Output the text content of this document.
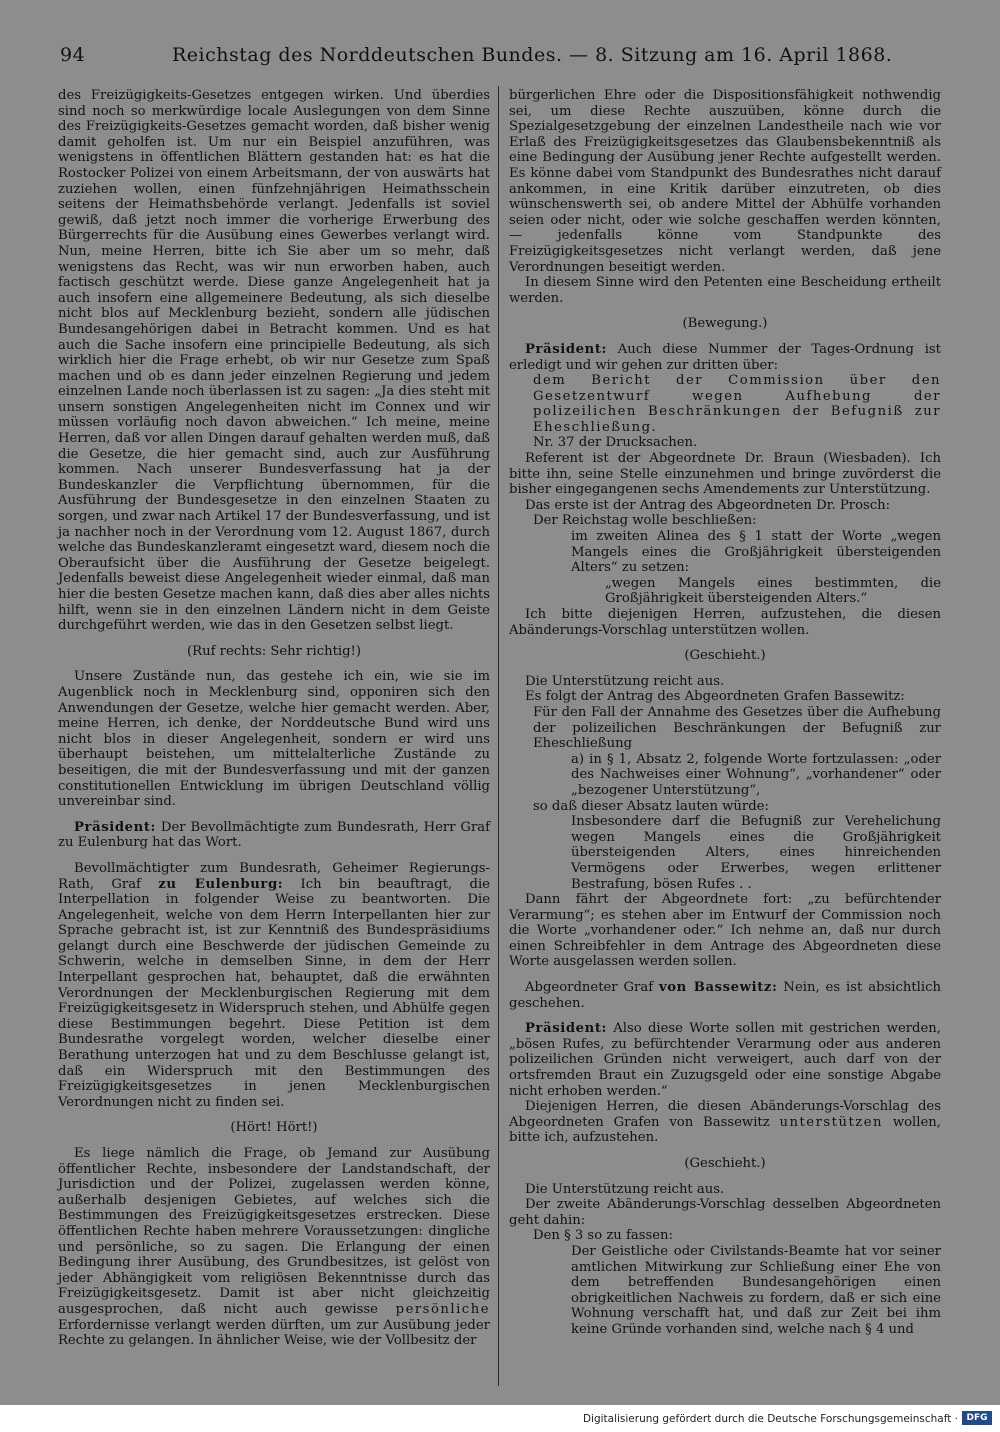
94	Reichstag des Norddeutschen Bundes. — 8. Sitzung am 16. April 1868.

des Freizügigkeits-Gesetzes entgegen wirken. Und überdies sind noch so merkwürdige locale Auslegungen von dem Sinne des Freizügigkeits-Gesetzes gemacht worden, daß bisher wenig damit geholfen ist. Um nur ein Beispiel anzuführen, was wenigstens in öffentlichen Blättern gestanden hat: es hat die Rostocker Polizei von einem Arbeitsmann, der von auswärts hat zuziehen wollen, einen fünfzehnjährigen Heimathsschein seitens der Heimathsbehörde verlangt. Jedenfalls ist soviel gewiß, daß jetzt noch immer die vorherige Erwerbung des Bürgerrechts für die Ausübung eines Gewerbes verlangt wird. Nun, meine Herren, bitte ich Sie aber um so mehr, daß wenigstens das Recht, was wir nun erworben haben, auch factisch geschützt werde. Diese ganze Angelegenheit hat ja auch insofern eine allgemeinere Bedeutung, als sich dieselbe nicht blos auf Mecklenburg bezieht, sondern alle jüdischen Bundesangehörigen dabei in Betracht kommen. Und es hat auch die Sache insofern eine principielle Bedeutung, als sich wirklich hier die Frage erhebt, ob wir nur Gesetze zum Spaß machen und ob es dann jeder einzelnen Regierung und jedem einzelnen Lande noch überlassen ist zu sagen: „Ja dies steht mit unsern sonstigen Angelegenheiten nicht im Connex und wir müssen vorläufig noch davon abweichen.“ Ich meine, meine Herren, daß vor allen Dingen darauf gehalten werden muß, daß die Gesetze, die hier gemacht sind, auch zur Ausführung kommen. Nach unserer Bundesverfassung hat ja der Bundeskanzler die Verpflichtung übernommen, für die Ausführung der Bundesgesetze in den einzelnen Staaten zu sorgen, und zwar nach Artikel 17 der Bundesverfassung, und ist ja nachher noch in der Verordnung vom 12. August 1867, durch welche das Bundeskanzleramt eingesetzt ward, diesem noch die Oberaufsicht über die Ausführung der Gesetze beigelegt. Jedenfalls beweist diese Angelegenheit wieder einmal, daß man hier die besten Gesetze machen kann, daß dies aber alles nichts hilft, wenn sie in den einzelnen Ländern nicht in dem Geiste durchgeführt werden, wie das in den Gesetzen selbst liegt.

(Ruf rechts: Sehr richtig!)

Unsere Zustände nun, das gestehe ich ein, wie sie im Augenblick noch in Mecklenburg sind, opponiren sich den Anwendungen der Gesetze, welche hier gemacht werden. Aber, meine Herren, ich denke, der Norddeutsche Bund wird uns nicht blos in dieser Angelegenheit, sondern er wird uns überhaupt beistehen, um mittelalterliche Zustände zu beseitigen, die mit der Bundesverfassung und mit der ganzen constitutionellen Entwicklung im übrigen Deutschland völlig unvereinbar sind.

Präsident: Der Bevollmächtigte zum Bundesrath, Herr Graf zu Eulenburg hat das Wort.

Bevollmächtigter zum Bundesrath, Geheimer Regierungs-Rath, Graf zu Eulenburg: Ich bin beauftragt, die Interpellation in folgender Weise zu beantworten. Die Angelegenheit, welche von dem Herrn Interpellanten hier zur Sprache gebracht ist, ist zur Kenntniß des Bundespräsidiums gelangt durch eine Beschwerde der jüdischen Gemeinde zu Schwerin, welche in demselben Sinne, in dem der Herr Interpellant gesprochen hat, behauptet, daß die erwähnten Verordnungen der Mecklenburgischen Regierung mit dem Freizügigkeitsgesetz in Widerspruch stehen, und Abhülfe gegen diese Bestimmungen begehrt. Diese Petition ist dem Bundesrathe vorgelegt worden, welcher dieselbe einer Berathung unterzogen hat und zu dem Beschlusse gelangt ist, daß ein Widerspruch mit den Bestimmungen des Freizügigkeitsgesetzes in jenen Mecklenburgischen Verordnungen nicht zu finden sei.

(Hört! Hört!)

Es liege nämlich die Frage, ob Jemand zur Ausübung öffentlicher Rechte, insbesondere der Landstandschaft, der Jurisdiction und der Polizei, zugelassen werden könne, außerhalb desjenigen Gebietes, auf welches sich die Bestimmungen des Freizügigkeitsgesetzes erstrecken. Diese öffentlichen Rechte haben mehrere Voraussetzungen: dingliche und persönliche, so zu sagen. Die Erlangung der einen Bedingung ihrer Ausübung, des Grundbesitzes, ist gelöst von jeder Abhängigkeit vom religiösen Bekenntnisse durch das Freizügigkeitsgesetz. Damit ist aber nicht gleichzeitig ausgesprochen, daß nicht auch gewisse persönliche Erfordernisse verlangt werden dürften, um zur Ausübung jeder Rechte zu gelangen. In ähnlicher Weise, wie der Vollbesitz der

bürgerlichen Ehre oder die Dispositionsfähigkeit nothwendig sei, um diese Rechte auszuüben, könne durch die Spezialgesetzgebung der einzelnen Landestheile nach wie vor Erlaß des Freizügigkeitsgesetzes das Glaubensbekenntniß als eine Bedingung der Ausübung jener Rechte aufgestellt werden. Es könne dabei vom Standpunkt des Bundesrathes nicht darauf ankommen, in eine Kritik darüber einzutreten, ob dies wünschenswerth sei, ob andere Mittel der Abhülfe vorhanden seien oder nicht, oder wie solche geschaffen werden könnten, — jedenfalls könne vom Standpunkte des Freizügigkeitsgesetzes nicht verlangt werden, daß jene Verordnungen beseitigt werden.

In diesem Sinne wird den Petenten eine Bescheidung ertheilt werden.

(Bewegung.)

Präsident: Auch diese Nummer der Tages-Ordnung ist erledigt und wir gehen zur dritten über:

dem Bericht der Commission über den Gesetzentwurf wegen Aufhebung der polizeilichen Beschränkungen der Befugniß zur Eheschließung.

Nr. 37 der Drucksachen.

Referent ist der Abgeordnete Dr. Braun (Wiesbaden). Ich bitte ihn, seine Stelle einzunehmen und bringe zuvörderst die bisher eingegangenen sechs Amendements zur Unterstützung.

Das erste ist der Antrag des Abgeordneten Dr. Prosch:

Der Reichstag wolle beschließen:

im zweiten Alinea des § 1 statt der Worte „wegen Mangels eines die Großjährigkeit übersteigenden Alters“ zu setzen:

„wegen Mangels eines bestimmten, die Großjährigkeit übersteigenden Alters.“

Ich bitte diejenigen Herren, aufzustehen, die diesen Abänderungs-Vorschlag unterstützen wollen.

(Geschieht.)

Die Unterstützung reicht aus.

Es folgt der Antrag des Abgeordneten Grafen Bassewitz:

Für den Fall der Annahme des Gesetzes über die Aufhebung der polizeilichen Beschränkungen der Befugniß zur Eheschließung

a) in § 1, Absatz 2, folgende Worte fortzulassen: „oder des Nachweises einer Wohnung“, „vorhandener“ oder „bezogener Unterstützung“,

so daß dieser Absatz lauten würde:

Insbesondere darf die Befugniß zur Verehelichung wegen Mangels eines die Großjährigkeit übersteigenden Alters, eines hinreichenden Vermögens oder Erwerbes, wegen erlittener Bestrafung, bösen Rufes . .

Dann fährt der Abgeordnete fort: „zu befürchtender Verarmung“; es stehen aber im Entwurf der Commission noch die Worte „vorhandener oder.“ Ich nehme an, daß nur durch einen Schreibfehler in dem Antrage des Abgeordneten diese Worte ausgelassen werden sollen.

Abgeordneter Graf von Bassewitz: Nein, es ist absichtlich geschehen.

Präsident: Also diese Worte sollen mit gestrichen werden, „bösen Rufes, zu befürchtender Verarmung oder aus anderen polizeilichen Gründen nicht verweigert, auch darf von der ortsfremden Braut ein Zuzugsgeld oder eine sonstige Abgabe nicht erhoben werden.“

Diejenigen Herren, die diesen Abänderungs-Vorschlag des Abgeordneten Grafen von Bassewitz unterstützen wollen, bitte ich, aufzustehen.

(Geschieht.)

Die Unterstützung reicht aus.

Der zweite Abänderungs-Vorschlag desselben Abgeordneten geht dahin:

Den § 3 so zu fassen:

Der Geistliche oder Civilstands-Beamte hat vor seiner amtlichen Mitwirkung zur Schließung einer Ehe von dem betreffenden Bundesangehörigen einen obrigkeitlichen Nachweis zu fordern, daß er sich eine Wohnung verschafft hat, und daß zur Zeit bei ihm keine Gründe vorhanden sind, welche nach § 4 und

Digitalisierung gefördert durch die Deutsche Forschungsgemeinschaft · DFG
